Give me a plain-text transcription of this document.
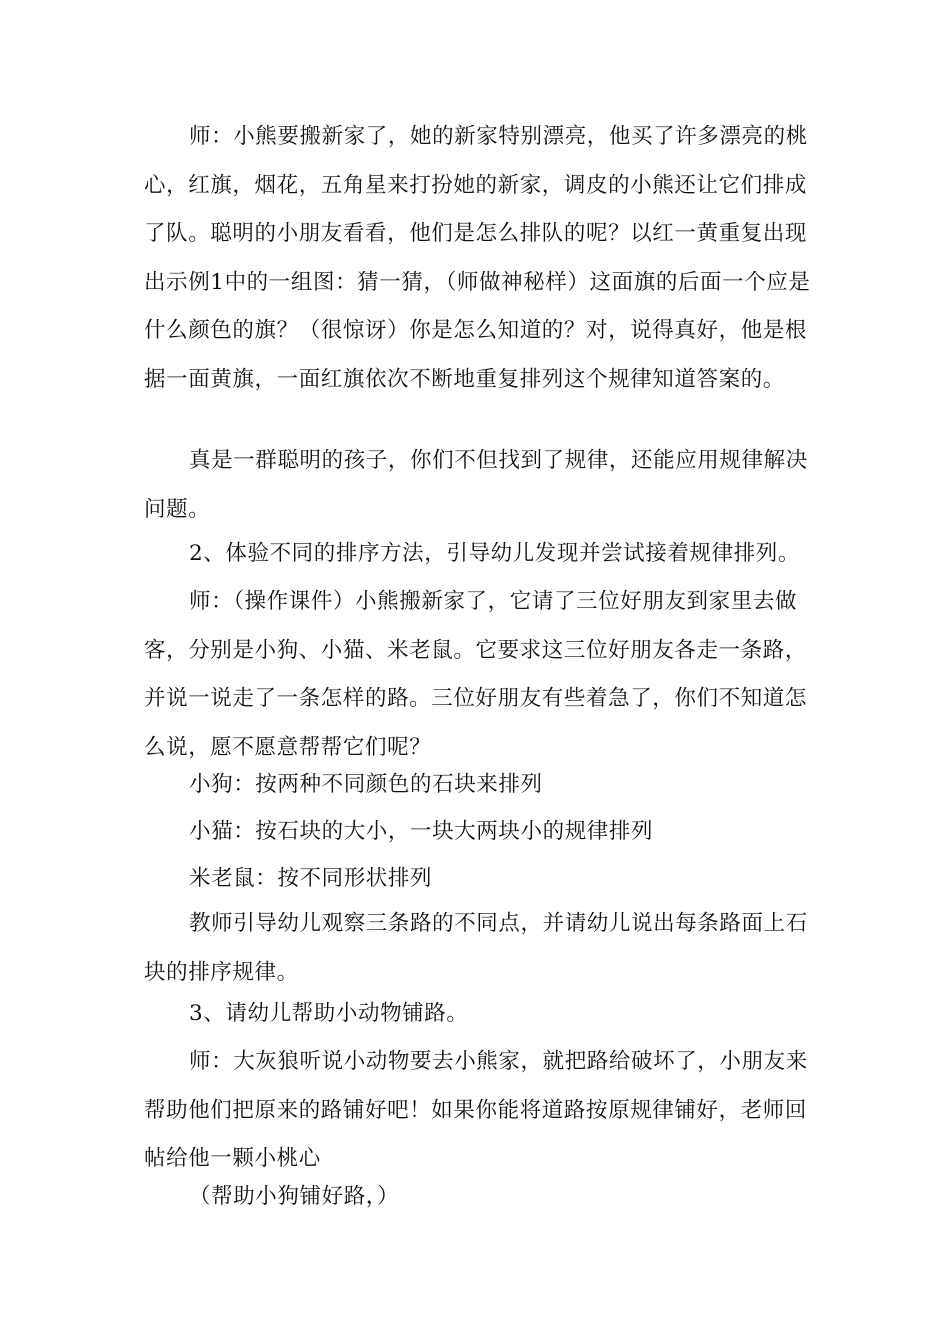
师：小熊要搬新家了，她的新家特别漂亮，他买了许多漂亮的桃心，红旗，烟花，五角星来打扮她的新家，调皮的小熊还让它们排成了队。聪明的小朋友看看，他们是怎么排队的呢？以红一黄重复出现出示例1中的一组图：猜一猜，（师做神秘样）这面旗的后面一个应是什么颜色的旗？（很惊讶）你是怎么知道的？对，说得真好，他是根据一面黄旗，一面红旗依次不断地重复排列这个规律知道答案的。

真是一群聪明的孩子，你们不但找到了规律，还能应用规律解决问题。

2、体验不同的排序方法，引导幼儿发现并尝试接着规律排列。

师：（操作课件）小熊搬新家了，它请了三位好朋友到家里去做客，分别是小狗、小猫、米老鼠。它要求这三位好朋友各走一条路，并说一说走了一条怎样的路。三位好朋友有些着急了，你们不知道怎么说，愿不愿意帮帮它们呢？

小狗：按两种不同颜色的石块来排列

小猫：按石块的大小，一块大两块小的规律排列

米老鼠：按不同形状排列

教师引导幼儿观察三条路的不同点，并请幼儿说出每条路面上石块的排序规律。

3、请幼儿帮助小动物铺路。

师：大灰狼听说小动物要去小熊家，就把路给破坏了，小朋友来帮助他们把原来的路铺好吧！如果你能将道路按原规律铺好，老师回帖给他一颗小桃心

（帮助小狗铺好路，）
